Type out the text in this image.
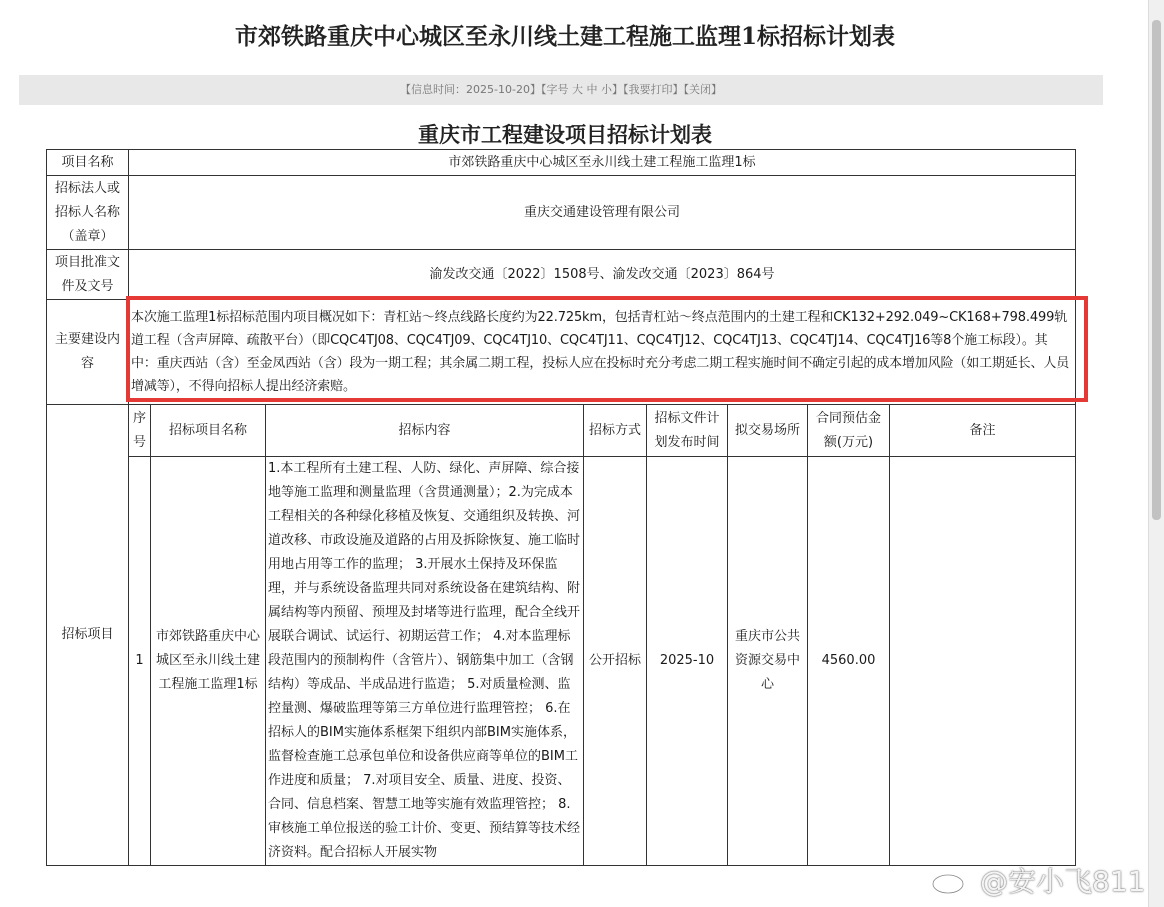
市郊铁路重庆中心城区至永川线土建工程施工监理1标招标计划表
【信息时间：2025-10-20】【字号 大 中 小】【我要打印】【关闭】
重庆市工程建设项目招标计划表
项目名称	市郊铁路重庆中心城区至永川线土建工程施工监理1标							
招标法人或招标人名称（盖章）	重庆交通建设管理有限公司							
项目批准文件及文号	渝发改交通〔2022〕1508号、渝发改交通〔2023〕864号							
主要建设内容	本次施工监理1标招标范围内项目概况如下：青杠站～终点线路长度约为22.725km，包括青杠站～终点范围内的土建工程和CK132+292.049~CK168+798.499轨道工程（含声屏障、疏散平台）（即CQC4TJ08、CQC4TJ09、CQC4TJ10、CQC4TJ11、CQC4TJ12、CQC4TJ13、CQC4TJ14、CQC4TJ16等8个施工标段）。其中：重庆西站（含）至金凤西站（含）段为一期工程；其余属二期工程，投标人应在投标时充分考虑二期工程实施时间不确定引起的成本增加风险（如工期延长、人员增减等），不得向招标人提出经济索赔。							
招标项目	序号	招标项目名称	招标内容	招标方式	招标文件计划发布时间	拟交易场所	合同预估金额(万元)	备注
	1	市郊铁路重庆中心城区至永川线土建工程施工监理1标	1.本工程所有土建工程、人防、绿化、声屏障、综合接地等施工监理和测量监理（含贯通测量）；2.为完成本工程相关的各种绿化移植及恢复、交通组织及转换、河道改移、市政设施及道路的占用及拆除恢复、施工临时用地占用等工作的监理； 3.开展水土保持及环保监理，并与系统设备监理共同对系统设备在建筑结构、附属结构等内预留、预埋及封堵等进行监理，配合全线开展联合调试、试运行、初期运营工作； 4.对本监理标段范围内的预制构件（含管片）、钢筋集中加工（含钢结构）等成品、半成品进行监造； 5.对质量检测、监控量测、爆破监理等第三方单位进行监理管控； 6.在招标人的BIM实施体系框架下组织内部BIM实施体系，监督检查施工总承包单位和设备供应商等单位的BIM工作进度和质量； 7.对项目安全、质量、进度、投资、合同、信息档案、智慧工地等实施有效监理管控； 8.审核施工单位报送的验工计价、变更、预结算等技术经济资料。配合招标人开展实物	公开招标	2025-10	重庆市公共资源交易中心	4560.00	
@安小飞811
